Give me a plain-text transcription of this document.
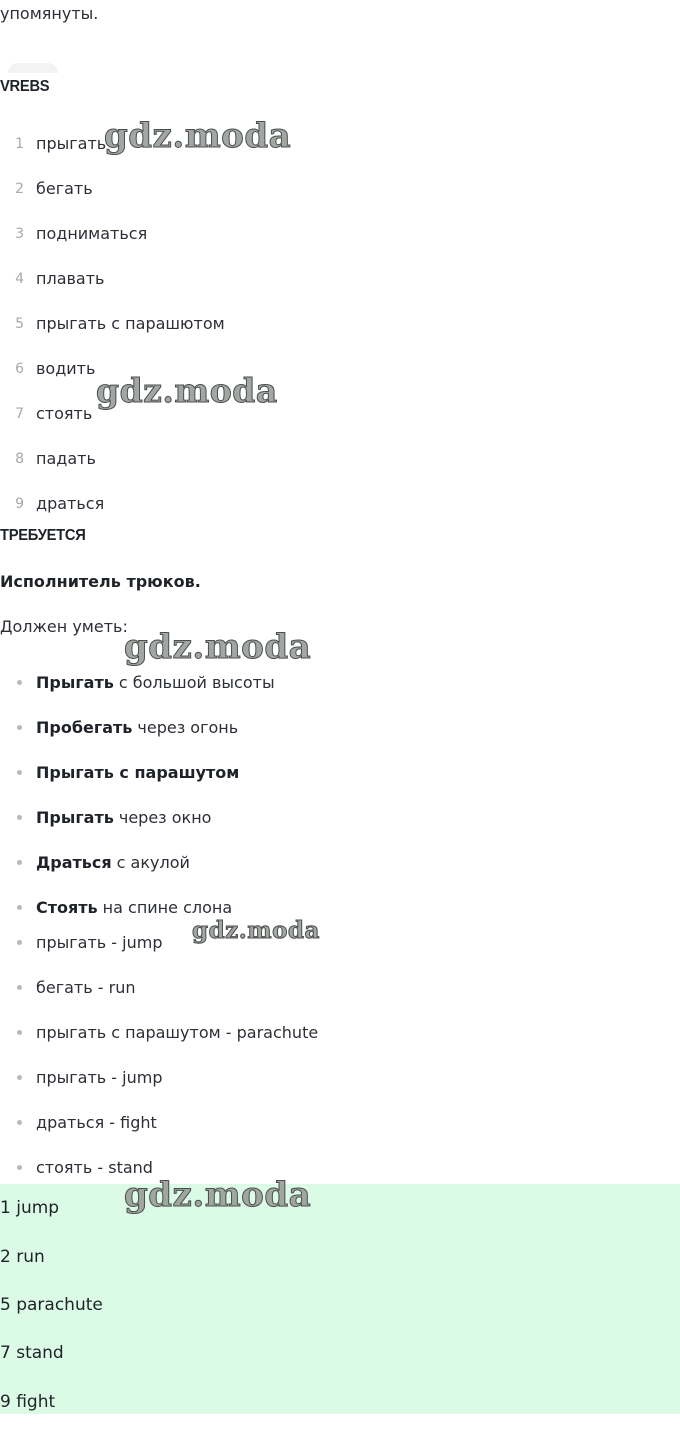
упомянуты.
VREBS
1 прыгать
2 бегать
3 подниматься
4 плавать
5 прыгать с парашютом
6 водить
7 стоять
8 падать
9 драться
ТРЕБУЕТСЯ
Исполнитель трюков.
Должен уметь:
Прыгать с большой высоты
Пробегать через огонь
Прыгать с парашутом
Прыгать через окно
Драться с акулой
Стоять на спине слона
прыгать - jump
бегать - run
прыгать с парашутом - parachute
прыгать - jump
драться - fight
стоять - stand
1 jump
2 run
5 parachute
7 stand
9 fight
gdz.moda
gdz.moda
gdz.moda
gdz.moda
gdz.moda
